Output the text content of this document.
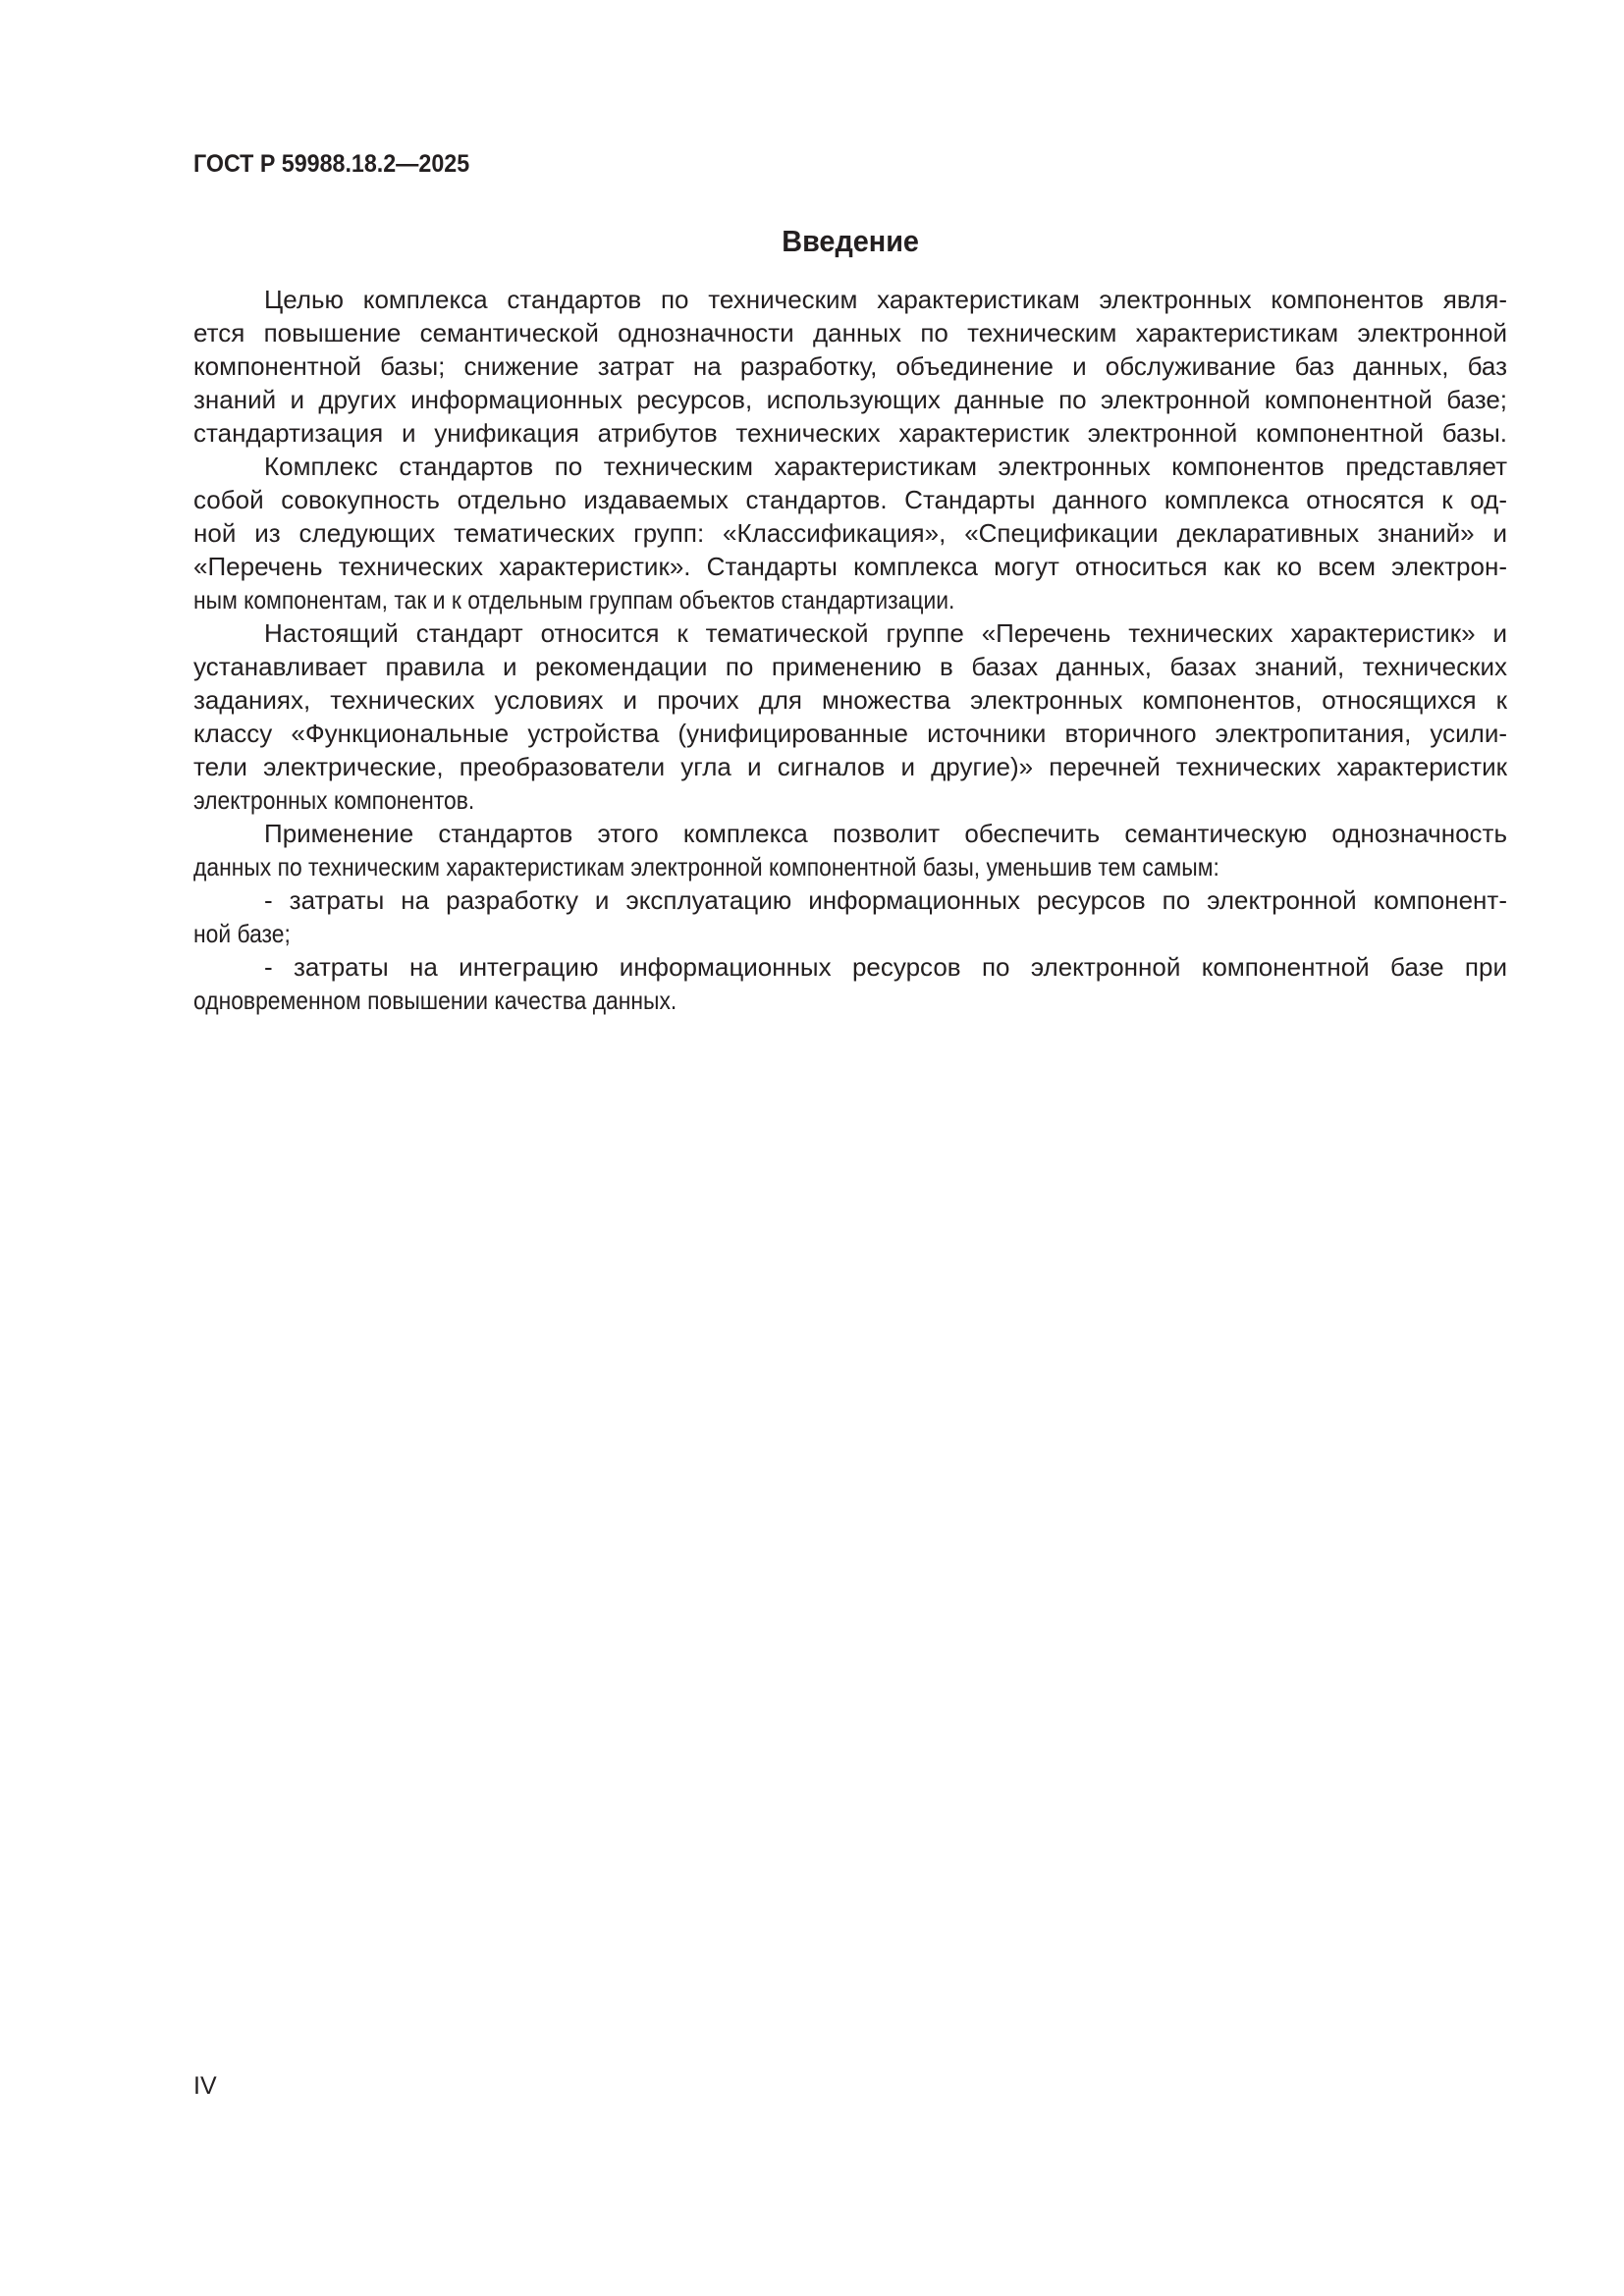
ГОСТ Р 59988.18.2—2025
Введение
Целью комплекса стандартов по техническим характеристикам электронных компонентов явля-
ется повышение семантической однозначности данных по техническим характеристикам электронной
компонентной базы; снижение затрат на разработку, объединение и обслуживание баз данных, баз
знаний и других информационных ресурсов, использующих данные по электронной компонентной базе;
стандартизация и унификация атрибутов технических характеристик электронной компонентной базы.
Комплекс стандартов по техническим характеристикам электронных компонентов представляет
собой совокупность отдельно издаваемых стандартов. Стандарты данного комплекса относятся к од-
ной из следующих тематических групп: «Классификация», «Спецификации декларативных знаний» и
«Перечень технических характеристик». Стандарты комплекса могут относиться как ко всем электрон-
ным компонентам, так и к отдельным группам объектов стандартизации.
Настоящий стандарт относится к тематической группе «Перечень технических характеристик» и
устанавливает правила и рекомендации по применению в базах данных, базах знаний, технических
заданиях, технических условиях и прочих для множества электронных компонентов, относящихся к
классу «Функциональные устройства (унифицированные источники вторичного электропитания, усили-
тели электрические, преобразователи угла и сигналов и другие)» перечней технических характеристик
электронных компонентов.
Применение стандартов этого комплекса позволит обеспечить семантическую однозначность
данных по техническим характеристикам электронной компонентной базы, уменьшив тем самым:
- затраты на разработку и эксплуатацию информационных ресурсов по электронной компонент-
ной базе;
- затраты на интеграцию информационных ресурсов по электронной компонентной базе при
одновременном повышении качества данных.
IV
